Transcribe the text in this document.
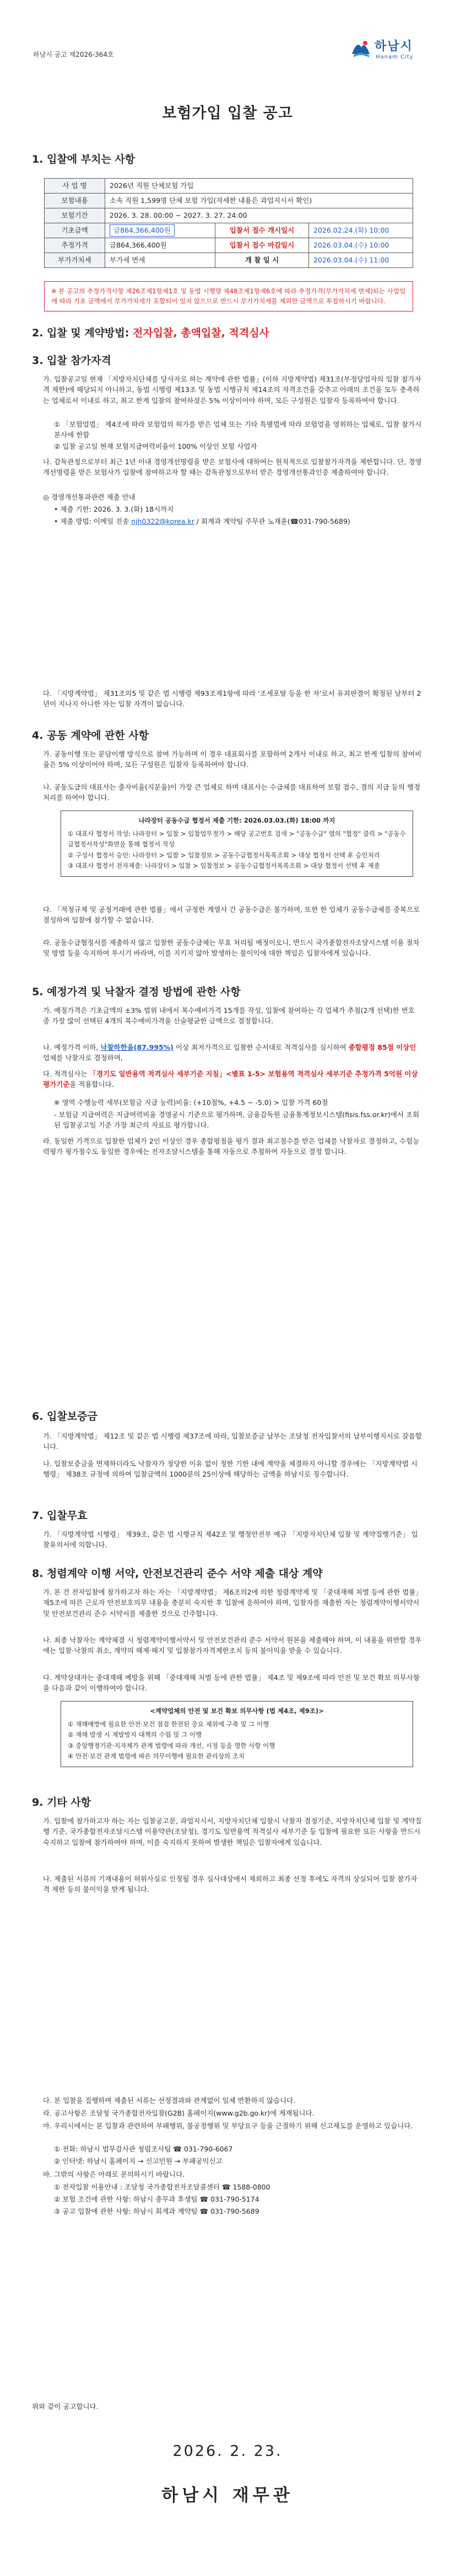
하남시 공고 제2026-364호
하남시
Hanam City
보험가입 입찰 공고
1. 입찰에 부치는 사항
사 업 명	2026년 직원 단체보험 가입		
보험내용	소속 직원 1,599명 단체 보험 가입(자세한 내용은 과업지시서 확인)		
보험기간	2026. 3. 28. 00:00 ~ 2027. 3. 27. 24:00		
기초금액	금864,366,400원	입찰서 접수 개시일시	2026.02.24.(화) 10:00
추정가격	금864,366,400원	입찰서 접수 마감일시	2026.03.04.(수) 10:00
부가가치세	부가세 면세	개 찰 일 시	2026.03.04.(수) 11:00
※ 본 공고의 추정가격사항 제26조제1항제1호 및 동법 시행령 제48조제1항제6호에 따라 추정가격(부가가치세 면제)되는 사업임에 따라 기초 금액에서 부가가치세가 포함되어 있지 않으므로 반드시 부가가치세를 제외한 금액으로 투찰하시기 바랍니다.
2. 입찰 및 계약방법: 전자입찰, 총액입찰, 적격심사
3. 입찰 참가자격
가. 입찰공고일 현재 「지방자치단체를 당사자로 하는 계약에 관한 법률」(이하 지방계약법) 제31조(부정당업자의 입찰 참가자격 제한)에 해당되지 아니하고, 동법 시행령 제13조 및 동법 시행규칙 제14조의 자격조건을 갖추고 아래의 조건을 모두 충족하는 업체로서 이내로 하고, 최고 한게 입찰의 참여하셨은 5% 이상이어야 하며, 모든 구성원은 입찰자 등록하여야 합니다.
① 「보험업법」 제4조에 따라 보험업의 허가를 받은 업체 또는 기타 특별법에 따라 보험업을 영위하는 업체로, 입찰 참가시 본사에 한함
② 입찰 공고일 현재 보험지급여력비율이 100% 이상인 보험 사업자
나. 감독관청으로부터 최근 1년 이내 경영개선명령을 받은 보험사에 대하여는 원칙적으로 입찰참가자격을 제한합니다. 단, 경영개선명령을 받은 보험사가 입찰에 참여하고자 할 때는 감독관청으로부터 받은 경영개선통과인증 제출하여야 합니다.
◎ 경영개선통과관련 제출 안내
• 제출 기한: 2026. 3. 3.(화) 18시까지
• 제출 방법: 이메일 진송 njh0322@korea.kr / 회계과 계약팀 주무관 노재훈(☎031-790-5689)
다. 「지방계약법」 제31조의5 및 같은 법 시행령 제93조제1항에 따라 '조세포탈 등을 한 자'로서 유죄판결이 확정된 날부터 2년이 지나지 아니한 자는 입찰 자격이 없습니다.
4. 공동 계약에 관한 사항
가. 공동이행 또는 분담이행 방식으로 참여 가능하며 이 경우 대표회사를 포함하여 2개사 이내로 하고, 최고 한게 입찰의 참여비율은 5% 이상이어야 하며, 모든 구성원은 입찰자 등록하여야 합니다.
나. 공동도급의 대표사는 출자비율(지분율)이 가장 큰 업체로 하며 대표사는 수급체를 대표하여 보험 접수, 결의 지급 등의 행정 처리를 하여야 합니다.
나라장터 공동수급 협정서 제출 기한: 2026.03.03.(화) 18:00 까지
① 대표사 협정서 작성: 나라장터 > 입찰 > 입찰업무정가 > 해당 공고번호 검색 > "공동수급" 열의 "협정" 클릭 > "공동수급협정서작성"화면을 통해 협정서 작성
② 구성사 협정서 승인: 나라장터 > 입찰 > 입찰정보 > 공동수급협정서목록조회 > 대상 협정서 선택 후 승인처리
③ 대표사 협정서 전자제출: 나라장터 > 입찰 > 입찰정보 > 공동수급협정서목록조회 > 대상 협정서 선택 후 제출
다. 「적정규제 및 공정거래에 관한 법률」에서 규정한 계열사 간 공동수급은 불가하며, 또한 한 업체가 공동수급체를 중복으로 결성하여 입찰에 참가할 수 없습니다.
라. 공동수급협정서를 제출하지 않고 입찰한 공동수급체는 무효 처리될 예정이오니, 반드시 국가종합전자조달시스템 이용 절차 및 방법 등을 숙지하여 투시기 바라며, 이를 지키지 않아 발생하는 불이익에 대한 책임은 입찰자에게 있습니다.
5. 예정가격 및 낙찰자 결정 방법에 관한 사항
가. 예정가격은 기초금액의 ±3% 범위 내에서 복수예비가격 15개를 작성, 입찰에 참여하는 각 업체가 추첨(2개 선택)한 번호 중 가장 많이 선택된 4개의 복수예비가격을 산술평균한 금액으로 결정합니다.
나. 예정가격 이하, 낙찰하한율(87.995%) 이상 최저가격으로 입찰한 순서대로 적격심사를 실시하여 종합평점 85점 이상인 업체를 낙찰자로 결정하며,
다. 적격심사는 「경기도 일반용역 적격심사 세부기준 지침」<별표 1-5> 보험용역 적격심사 세부기준 추정가격 5억원 이상 평가기준을 적용합니다.
※ 영역 수행능력 세부(보험금 지급 능력)비율: (+10점%, +4.5 ~ -5.0) > 입찰 가격 60점
- 보험금 지급여력은 지급여력비율 경영공시 기준으로 평가하며, 금융감독원 금융통계정보시스템(fisis.fss.or.kr)에서 조회된 입찰공고일 기준 가장 최근의 자료로 평가합니다.
라. 동일한 가격으로 입찰한 업체가 2인 이상인 경우 종합평점을 평가 결과 최고점수를 받은 업체를 낙찰자로 결정하고, 수험능력평가 평가점수도 동일한 경우에는 전자조달시스템을 통해 자동으로 추첨하여 자동으로 결정 합니다.
6. 입찰보증금
가. 「지방계약법」 제12조 및 같은 법 시행령 제37조에 따라, 입찰보증금 납부는 조달청 전자입찰서의 납부이행지서로 갈음합니다.
나. 입찰보증금을 면제하더라도 낙찰자가 정당한 이유 없이 정한 기한 내에 계약을 체결하지 아니할 경우에는 「지방계약법 시행령」 제38조 규정에 의하여 입찰금액의 1000분의 25이상에 해당하는 금액을 하남시로 징수합니다.
7. 입찰무효
가. 「지방계약법 시행령」 제39조, 같은 법 시행규칙 제42조 및 행정안전부 예규 「지방자치단체 입찰 및 계약집행기준」 입찰유의서에 의합니다.
8. 청렴계약 이행 서약, 안전보건관리 준수 서약 제출 대상 계약
가. 본 건 전자입찰에 참가하고자 하는 자는 「지방계약법」 제6조의2에 의한 청렴계약제 및 「중대재해 처벌 등에 관한 법률」 제5조에 따른 근로자 안전보호의무 내용을 충분히 숙지한 후 입찰에 응하여야 하며, 입찰자를 제출한 자는 청렴계약이행서약서 및 안전보건관리 준수 서약서를 제출한 것으로 간주합니다.
나. 최종 낙찰자는 계약체결 시 청렴계약이행서약서 및 안전보건관리 준수 서약서 원본을 제출해야 하며, 이 내용을 위반할 경우에는 입찰·낙찰의 취소, 계약의 해제·해지 및 입찰참가자격제한조치 등의 불이익을 받을 수 있습니다.
다. 계약상대자는 중대재해 예방을 위해 「중대재해 처벌 등에 관한 법률」 제4조 및 제9조에 따라 안전 및 보건 확보 의무사항을 다음과 같이 이행하여야 합니다.
<계약업체의 안전 및 보건 확보 의무사항 (법 제4조, 제9조)>
① 재해예방에 필요한 안전·보건 점검 한전된 중요 제위에 구축 및 그 이행
② 재해 발생 시 재발방지 대책의 수립 및 그 이행
③ 중앙행정기관·지자체가 관계 법령에 따라 개선, 시정 등을 명한 사항 이행
④ 안전·보건 관계 법령에 따른 의무이행에 필요한 관리상의 조치
9. 기타 사항
가. 입찰에 참가하고자 하는 자는 입찰공고문, 과업지시서, 지방자치단체 입찰시 낙찰자 결정기준, 지방자치단체 입찰 및 계약집행 기준, 국가종합전자조달시스템 이용약관(조달청), 경기도 일반용역 적격심사 세부기준 등 입찰에 필요한 모든 사항을 반드시 숙지하고 입찰에 참가하여야 하며, 이를 숙지하지 못하여 발생한 책임은 입찰자에게 있습니다.
나. 제출된 서류의 기재내용이 허위사실로 인정될 경우 심사대상에서 제외하고 최종 선정 후에도 자격의 상실되어 입찰 참가자격 제한 등의 불이익을 받게 됩니다.
다. 본 입찰을 집행하며 제출된 서류는 선정결과와 관계없이 일체 반환하지 않습니다.
라. 공고사항은 조달청 국가종합전자입찰(G2B) 홈페이지(www.g2b.go.kr)에 게재됩니다.
마. 우리시에서는 본 입찰과 관련하여 부패행위, 불공정행위 및 부당요구 등을 근절하기 위해 신고제도를 운영하고 있습니다.
① 전화: 하남시 법무감사관 청렴조사팀 ☎ 031-790-6067
② 인터넷: 하남시 홈페이지 → 신고민원 → 부패공익신고
바. 그밖의 사항은 아래로 문의하시기 바랍니다.
① 전자입찰 이용안내 : 조달청 국가종합전자조달콜센터 ☎ 1588-0800
② 보험 조건에 관한 사항: 하남시 총무과 후생팀 ☎ 031-790-5174
③ 공고 입찰에 관한 사항: 하남시 회계과 계약팀 ☎ 031-790-5689
위와 같이 공고합니다.
2026. 2. 23.
하남시 재무관
